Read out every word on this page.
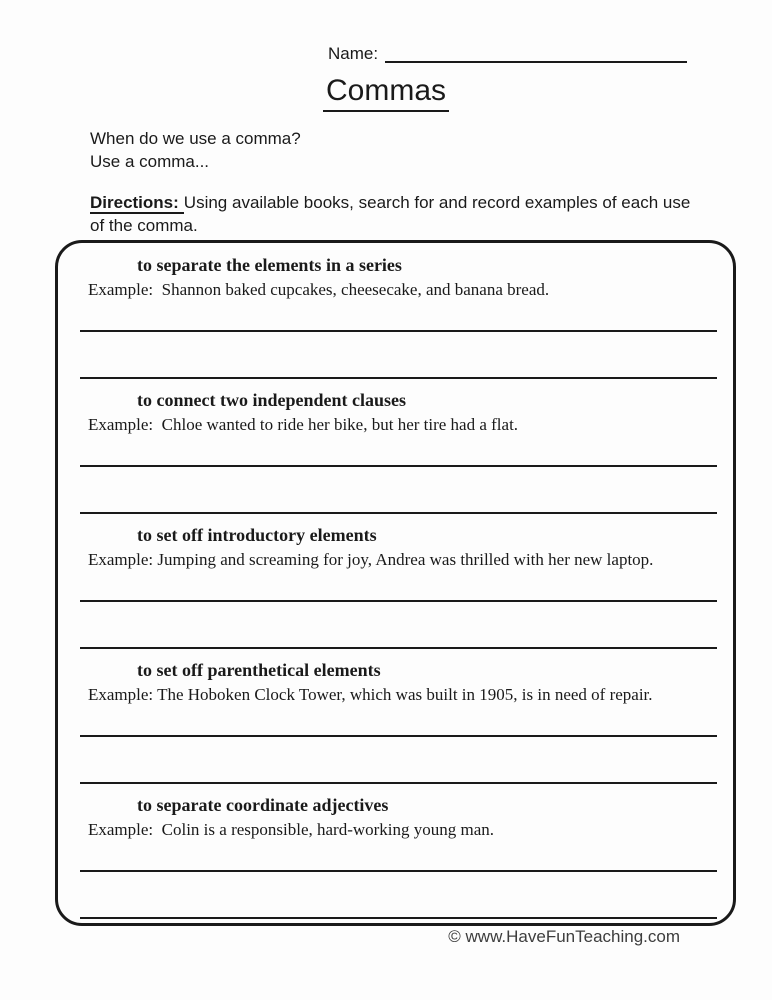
Name:
Commas
When do we use a comma?
Use a comma...

Directions: Using available books, search for and record examples of each use
of the comma.

to separate the elements in a series

Example:  Shannon baked cupcakes, cheesecake, and banana bread.

to connect two independent clauses

Example:  Chloe wanted to ride her bike, but her tire had a flat.

to set off introductory elements

Example: Jumping and screaming for joy, Andrea was thrilled with her new laptop.

to set off parenthetical elements

Example: The Hoboken Clock Tower, which was built in 1905, is in need of repair.

to separate coordinate adjectives

Example:  Colin is a responsible, hard-working young man.

© www.HaveFunTeaching.com
